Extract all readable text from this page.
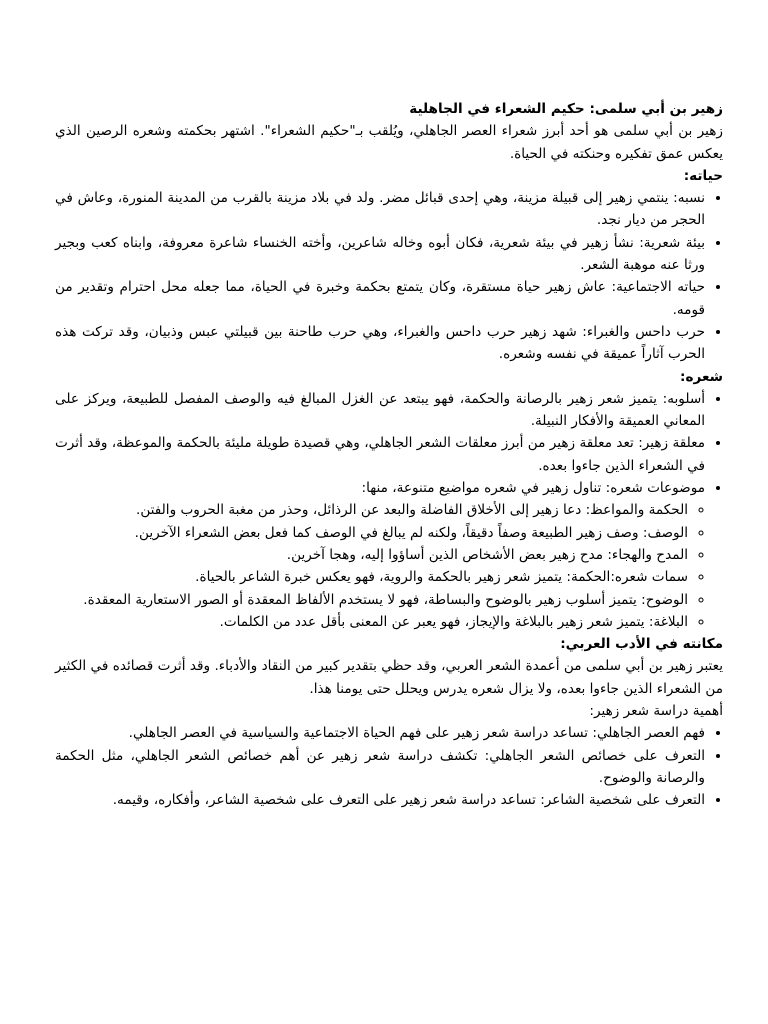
زهير بن أبي سلمى: حكيم الشعراء في الجاهلية

زهير بن أبي سلمى هو أحد أبرز شعراء العصر الجاهلي، ويُلقب بـ"حكيم الشعراء". اشتهر بحكمته وشعره الرصين الذي يعكس عمق تفكيره وحنكته في الحياة.

حياته:
• نسبه: ينتمي زهير إلى قبيلة مزينة، وهي إحدى قبائل مضر. ولد في بلاد مزينة بالقرب من المدينة المنورة، وعاش في الحجر من ديار نجد.
• بيئة شعرية: نشأ زهير في بيئة شعرية، فكان أبوه وخاله شاعرين، وأخته الخنساء شاعرة معروفة، وابناه كعب وبجير ورثا عنه موهبة الشعر.
• حياته الاجتماعية: عاش زهير حياة مستقرة، وكان يتمتع بحكمة وخبرة في الحياة، مما جعله محل احترام وتقدير من قومه.
• حرب داحس والغبراء: شهد زهير حرب داحس والغبراء، وهي حرب طاحنة بين قبيلتي عبس وذبيان، وقد تركت هذه الحرب آثاراً عميقة في نفسه وشعره.
شعره:
• أسلوبه: يتميز شعر زهير بالرصانة والحكمة، فهو يبتعد عن الغزل المبالغ فيه والوصف المفصل للطبيعة، ويركز على المعاني العميقة والأفكار النبيلة.
• معلقة زهير: تعد معلقة زهير من أبرز معلقات الشعر الجاهلي، وهي قصيدة طويلة مليئة بالحكمة والموعظة، وقد أثرت في الشعراء الذين جاءوا بعده.
• موضوعات شعره: تناول زهير في شعره مواضيع متنوعة، منها:
◦ الحكمة والمواعظ: دعا زهير إلى الأخلاق الفاضلة والبعد عن الرذائل، وحذر من مغبة الحروب والفتن.
◦ الوصف: وصف زهير الطبيعة وصفاً دقيقاً، ولكنه لم يبالغ في الوصف كما فعل بعض الشعراء الآخرين.
◦ المدح والهجاء: مدح زهير بعض الأشخاص الذين أساؤوا إليه، وهجا آخرين.
◦ سمات شعره:الحكمة: يتميز شعر زهير بالحكمة والروية، فهو يعكس خبرة الشاعر بالحياة.
◦ الوضوح: يتميز أسلوب زهير بالوضوح والبساطة، فهو لا يستخدم الألفاظ المعقدة أو الصور الاستعارية المعقدة.
◦ البلاغة: يتميز شعر زهير بالبلاغة والإيجاز، فهو يعبر عن المعنى بأقل عدد من الكلمات.
مكانته في الأدب العربي:

يعتبر زهير بن أبي سلمى من أعمدة الشعر العربي، وقد حظي بتقدير كبير من النقاد والأدباء. وقد أثرت قصائده في الكثير من الشعراء الذين جاءوا بعده، ولا يزال شعره يدرس ويحلل حتى يومنا هذا.

أهمية دراسة شعر زهير:

• فهم العصر الجاهلي: تساعد دراسة شعر زهير على فهم الحياة الاجتماعية والسياسية في العصر الجاهلي.
• التعرف على خصائص الشعر الجاهلي: تكشف دراسة شعر زهير عن أهم خصائص الشعر الجاهلي، مثل الحكمة والرصانة والوضوح.
• التعرف على شخصية الشاعر: تساعد دراسة شعر زهير على التعرف على شخصية الشاعر، وأفكاره، وقيمه.
